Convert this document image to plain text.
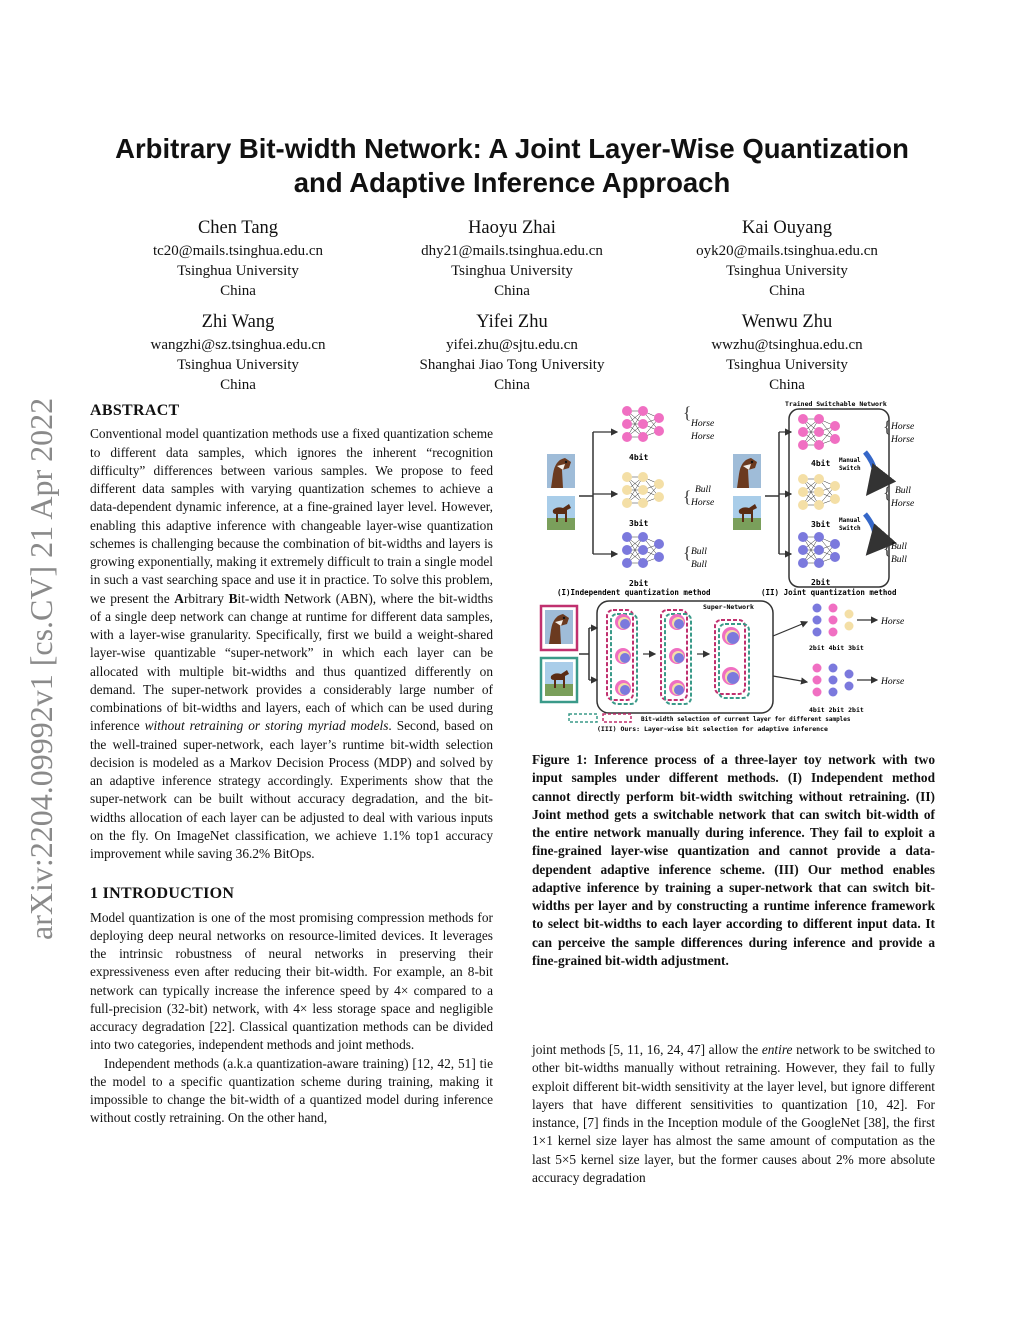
arXiv:2204.09992v1 [cs.CV] 21 Apr 2022
Arbitrary Bit-width Network: A Joint Layer-Wise Quantization
and Adaptive Inference Approach
Chen Tang
tc20@mails.tsinghua.edu.cn
Tsinghua University
China
Haoyu Zhai
dhy21@mails.tsinghua.edu.cn
Tsinghua University
China
Kai Ouyang
oyk20@mails.tsinghua.edu.cn
Tsinghua University
China
Zhi Wang
wangzhi@sz.tsinghua.edu.cn
Tsinghua University
China
Yifei Zhu
yifei.zhu@sjtu.edu.cn
Shanghai Jiao Tong University
China
Wenwu Zhu
wwzhu@tsinghua.edu.cn
Tsinghua University
China
ABSTRACT

Conventional model quantization methods use a fixed quantization scheme to different data samples, which ignores the inherent “recognition difficulty” differences between various samples. We propose to feed different data samples with varying quantization schemes to achieve a data-dependent dynamic inference, at a fine-grained layer level. However, enabling this adaptive inference with changeable layer-wise quantization schemes is challenging because the combination of bit-widths and layers is growing exponentially, making it extremely difficult to train a single model in such a vast searching space and use it in practice. To solve this problem, we present the Arbitrary Bit-width Network (ABN), where the bit-widths of a single deep network can change at runtime for different data samples, with a layer-wise granularity. Specifically, first we build a weight-shared layer-wise quantizable “super-network” in which each layer can be allocated with multiple bit-widths and thus quantized differently on demand. The super-network provides a considerably large number of combinations of bit-widths and layers, each of which can be used during inference without retraining or storing myriad models. Second, based on the well-trained super-network, each layer’s runtime bit-width selection decision is modeled as a Markov Decision Process (MDP) and solved by an adaptive inference strategy accordingly. Experiments show that the super-network can be built without accuracy degradation, and the bit-widths allocation of each layer can be adjusted to deal with various inputs on the fly. On ImageNet classification, we achieve 1.1% top1 accuracy improvement while saving 36.2% BitOps.

1 INTRODUCTION

Model quantization is one of the most promising compression methods for deploying deep neural networks on resource-limited devices. It leverages the intrinsic robustness of neural networks in preserving their expressiveness even after reducing their bit-width. For example, an 8-bit network can typically increase the inference speed by 4× compared to a full-precision (32-bit) network, with 4× less storage space and negligible accuracy degradation [22]. Classical quantization methods can be divided into two categories, independent methods and joint methods.

Independent methods (a.k.a quantization-aware training) [12, 42, 51] tie the model to a specific quantization scheme during training, making it impossible to change the bit-width of a quantized model during inference without costly retraining. On the other hand,

4bit
3bit
2bit
{
Horse
Horse
{ Bull
Horse
{ Bull
Bull
(I)Independent quantization method
Trained Switchable Network
4bit
3bit
2bit
Manual
Switch
Manual
Switch
{ Horse
Horse
{ Bull
Horse
{ Bull
Bull
(II) Joint quantization method
Super-Network
Horse
2bit 4bit 3bit
Horse
4bit 2bit 2bit
Bit-width selection of current layer for different samples
(III) Ours: Layer-wise bit selection for adaptive inference
Figure 1: Inference process of a three-layer toy network with two input samples under different methods. (I) Independent method cannot directly perform bit-width switching without retraining. (II) Joint method gets a switchable network that can switch bit-width of the entire network manually during inference. They fail to exploit a fine-grained layer-wise quantization and cannot provide a data-dependent adaptive inference scheme. (III) Our method enables adaptive inference by training a super-network that can switch bit-widths per layer and by constructing a runtime inference framework to select bit-widths to each layer according to different input data. It can perceive the sample differences during inference and provide a fine-grained bit-width adjustment.

joint methods [5, 11, 16, 24, 47] allow the entire network to be switched to other bit-widths manually without retraining. However, they fail to fully exploit different bit-width sensitivity at the layer level, but ignore different layers that have different sensitivities to quantization [10, 42]. For instance, [7] finds in the Inception module of the GoogleNet [38], the first 1×1 kernel size layer has almost the same amount of computation as the last 5×5 kernel size layer, but the former causes about 2% more absolute accuracy degradation
